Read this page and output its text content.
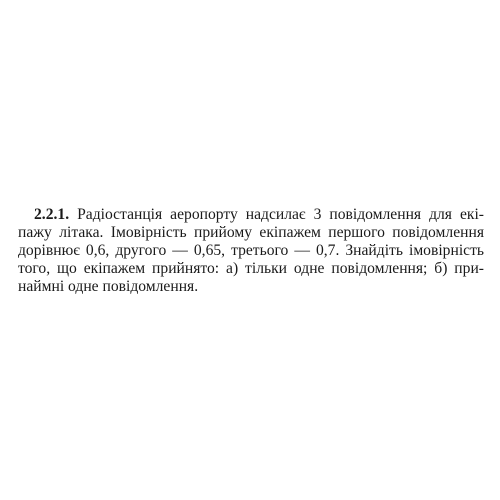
2.2.1. Радіостанція аеропорту надсилає 3 повідомлення для екі-
пажу літака. Імовірність прийому екіпажем першого повідомлення
дорівнює 0,6, другого — 0,65, третього — 0,7. Знайдіть імовірність
того, що екіпажем прийнято: а) тільки одне повідомлення; б) при-
наймні одне повідомлення.
